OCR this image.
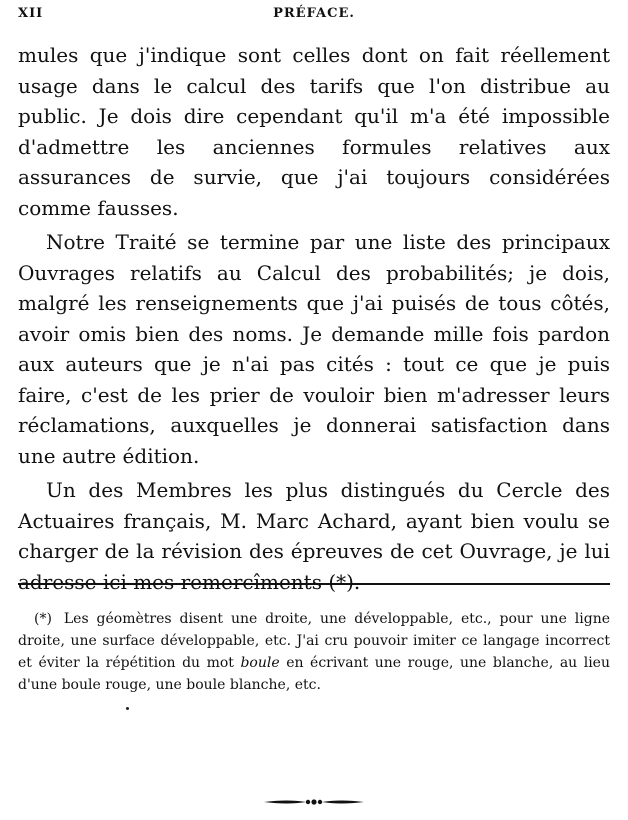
XII	PRÉFACE.

mules que j'indique sont celles dont on fait réellement usage dans le calcul des tarifs que l'on distribue au public. Je dois dire cependant qu'il m'a été impossible d'admettre les anciennes formules relatives aux assurances de survie, que j'ai toujours considérées comme fausses.

Notre Traité se termine par une liste des principaux Ouvrages relatifs au Calcul des probabilités; je dois, malgré les renseignements que j'ai puisés de tous côtés, avoir omis bien des noms. Je demande mille fois pardon aux auteurs que je n'ai pas cités : tout ce que je puis faire, c'est de les prier de vouloir bien m'adresser leurs réclamations, auxquelles je donnerai satisfaction dans une autre édition.

Un des Membres les plus distingués du Cercle des Actuaires français, M. Marc Achard, ayant bien voulu se charger de la révision des épreuves de cet Ouvrage, je lui adresse ici mes remercîments (*).

(*) Les géomètres disent une droite, une développable, etc., pour une ligne droite, une surface développable, etc. J'ai cru pouvoir imiter ce langage incorrect et éviter la répétition du mot boule en écrivant une rouge, une blanche, au lieu d'une boule rouge, une boule blanche, etc.
